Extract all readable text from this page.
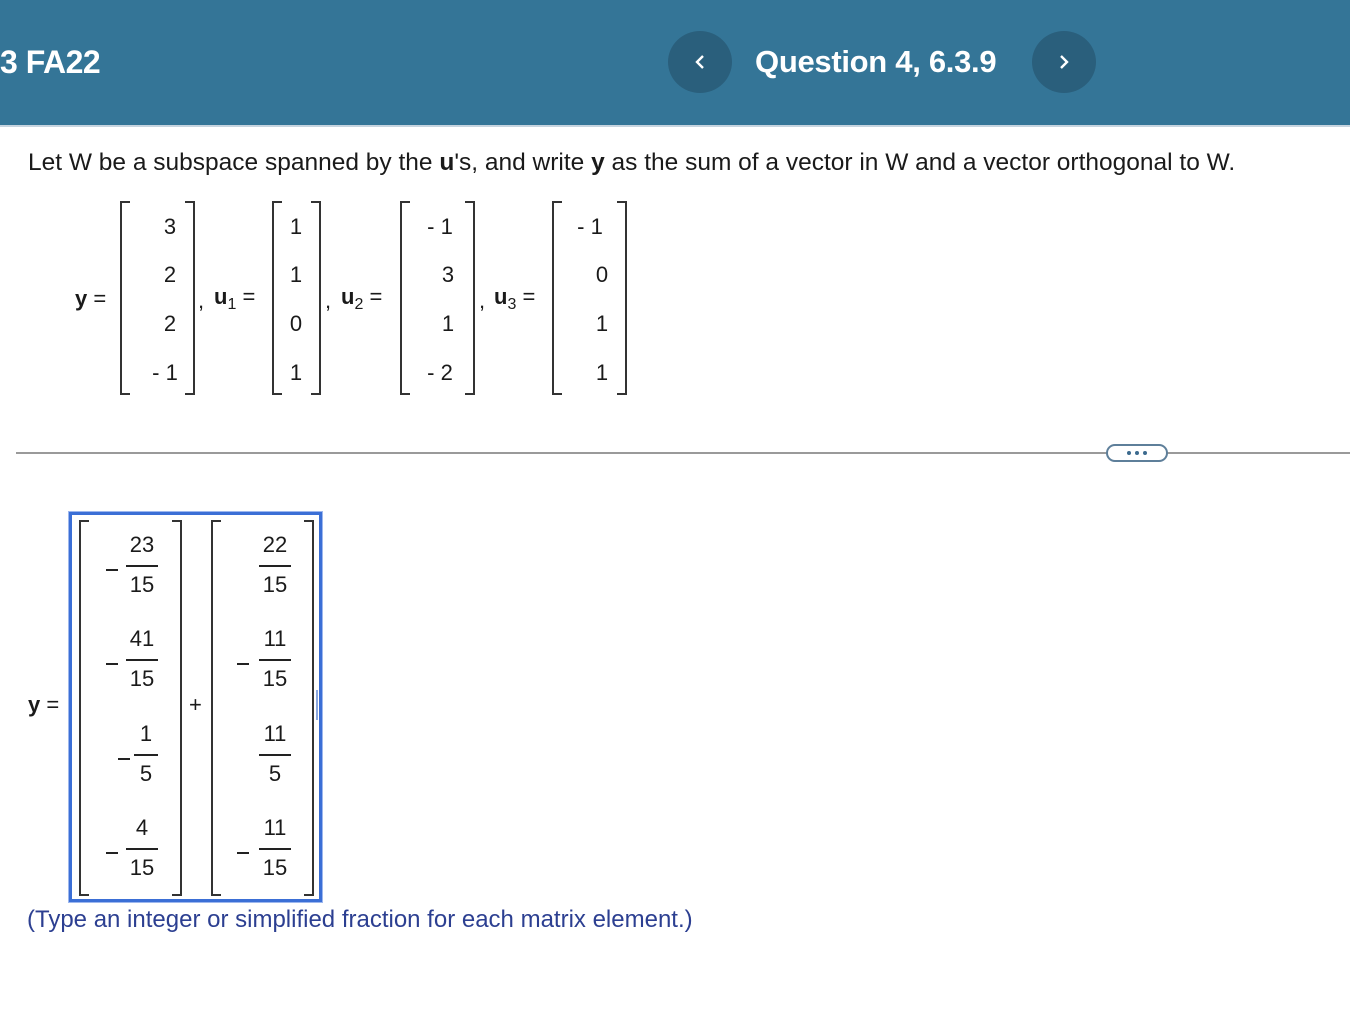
3 FA22	Question 4, 6.3.9
Let W be a subspace spanned by the u's, and write y as the sum of a vector in W and a vector orthogonal to W.
y =
3
2
2
- 1
, $u_1$ =
1
1
0
1
, $u_2$ =
- 1
3
1
- 2
, $u_3$ =
- 1
0
1
1
y =
23
15
41
15
1
5
4
15
+
22
15
11
15
11
5
11
15
(Type an integer or simplified fraction for each matrix element.)
